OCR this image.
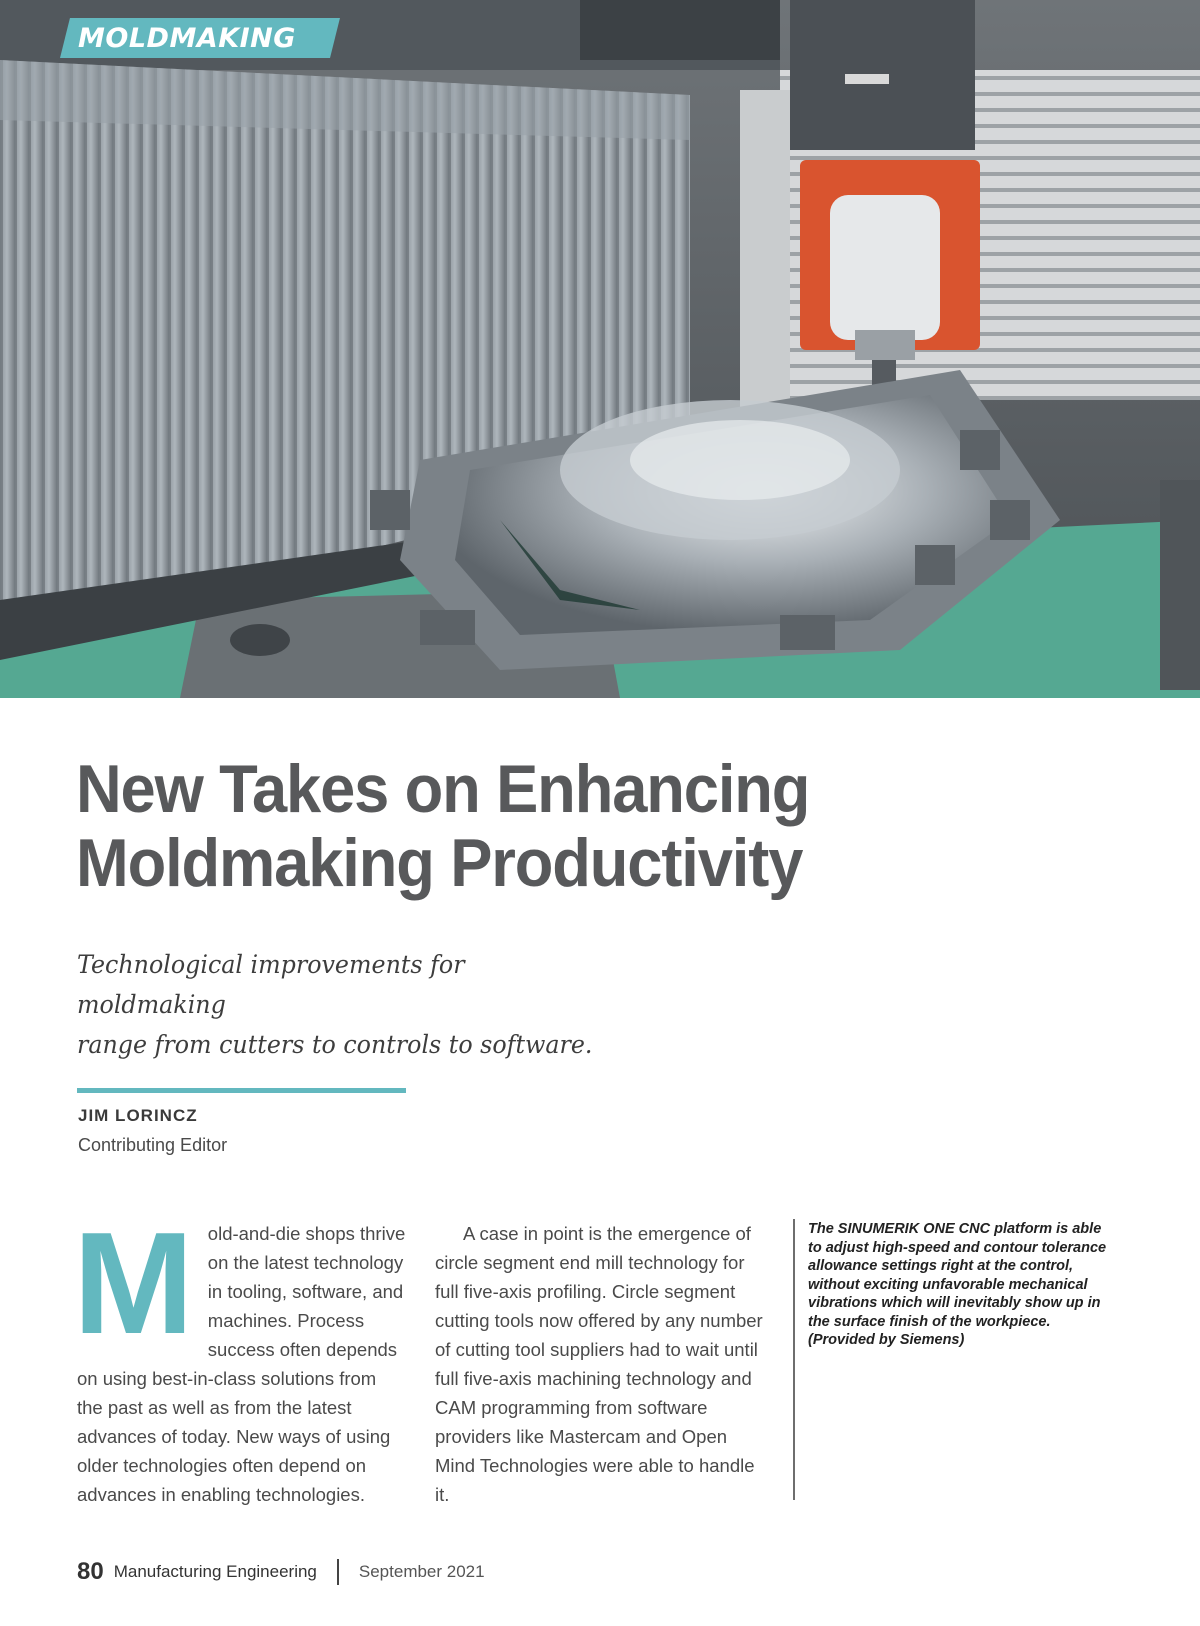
MOLDMAKING
New Takes on Enhancing
Moldmaking Productivity

Technological improvements for moldmaking
range from cutters to controls to software.

JIM LORINCZ
Contributing Editor
M old-and-die shops thrive on the latest technology in tooling, software, and machines. Process success often depends on using best-in-class solutions from the past as well as from the latest advances of today. New ways of using older technologies often depend on advances in enabling technologies.

A case in point is the emergence of circle segment end mill technology for full five-axis profiling. Circle segment cutting tools now offered by any number of cutting tool suppliers had to wait until full five-axis machining technology and CAM programming from software providers like Mastercam and Open Mind Technologies were able to handle it.

The SINUMERIK ONE CNC platform is able to adjust high-speed and contour tolerance allowance settings right at the control, without exciting unfavorable mechanical vibrations which will inevitably show up in the surface finish of the workpiece. (Provided by Siemens)

80 Manufacturing Engineering September 2021
